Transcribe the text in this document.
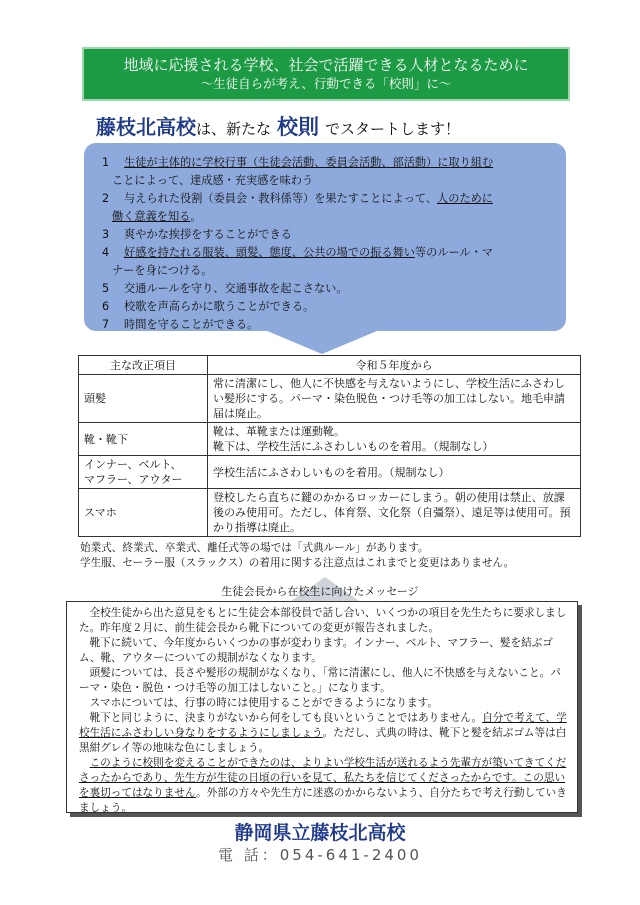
地域に応援される学校、社会で活躍できる人材となるために
～生徒自らが考え、行動できる「校則」に～
藤枝北高校は、新たな 校則 でスタートします！
1 生徒が主体的に学校行事（生徒会活動、委員会活動、部活動）に取り組む
ことによって、達成感・充実感を味わう
2 与えられた役割（委員会・教科係等）を果たすことによって、人のために
働く意義を知る。
3 爽やかな挨拶をすることができる
4 好感を持たれる服装、頭髪、態度、公共の場での振る舞い等のルール・マ
ナーを身につける。
5 交通ルールを守り、交通事故を起こさない。
6 校歌を声高らかに歌うことができる。
7 時間を守ることができる。
主な改正項目	令和５年度から
頭髪	常に清潔にし、他人に不快感を与えないようにし、学校生活にふさわしい髪形にする。パーマ・染色脱色・つけ毛等の加工はしない。地毛申請届は廃止。
靴・靴下	靴は、革靴または運動靴。
靴下は、学校生活にふさわしいものを着用。（規制なし）

インナー、ベルト、
マフラー、アウター	学校生活にふさわしいものを着用。（規制なし）
スマホ	登校したら直ちに鍵のかかるロッカーにしまう。朝の使用は禁止、放課後のみ使用可。ただし、体育祭、文化祭（自彊祭）、遠足等は使用可。預かり指導は廃止。
始業式、終業式、卒業式、離任式等の場では「式典ルール」があります。
学生服、セーラー服（スラックス）の着用に関する注意点はこれまでと変更はありません。
生徒会長から在校生に向けたメッセージ

全校生徒から出た意見をもとに生徒会本部役員で話し合い、いくつかの項目を先生たちに要求しました。昨年度２月に、前生徒会長から靴下についての変更が報告されました。

靴下に続いて、今年度からいくつかの事が変わります。インナー、ベルト、マフラー、髪を結ぶゴム、靴、アウターについての規制がなくなります。

頭髪については、長さや髪形の規制がなくなり、「常に清潔にし、他人に不快感を与えないこと。パーマ・染色・脱色・つけ毛等の加工はしないこと。」になります。

スマホについては、行事の時には使用することができるようになります。

靴下と同じように、決まりがないから何をしても良いということではありません。自分で考えて、学校生活にふさわしい身なりをするようにしましょう。ただし、式典の時は、靴下と髪を結ぶゴム等は白黒紺グレイ等の地味な色にしましょう。

このように校則を変えることができたのは、よりよい学校生活が送れるよう先輩方が築いてきてくださったからであり、先生方が生徒の日頃の行いを見て、私たちを信じてくださったからです。この思いを裏切ってはなりません。外部の方々や先生方に迷惑のかからないよう、自分たちで考え行動していきましょう。

静岡県立藤枝北高校
電 話：054-641-2400
